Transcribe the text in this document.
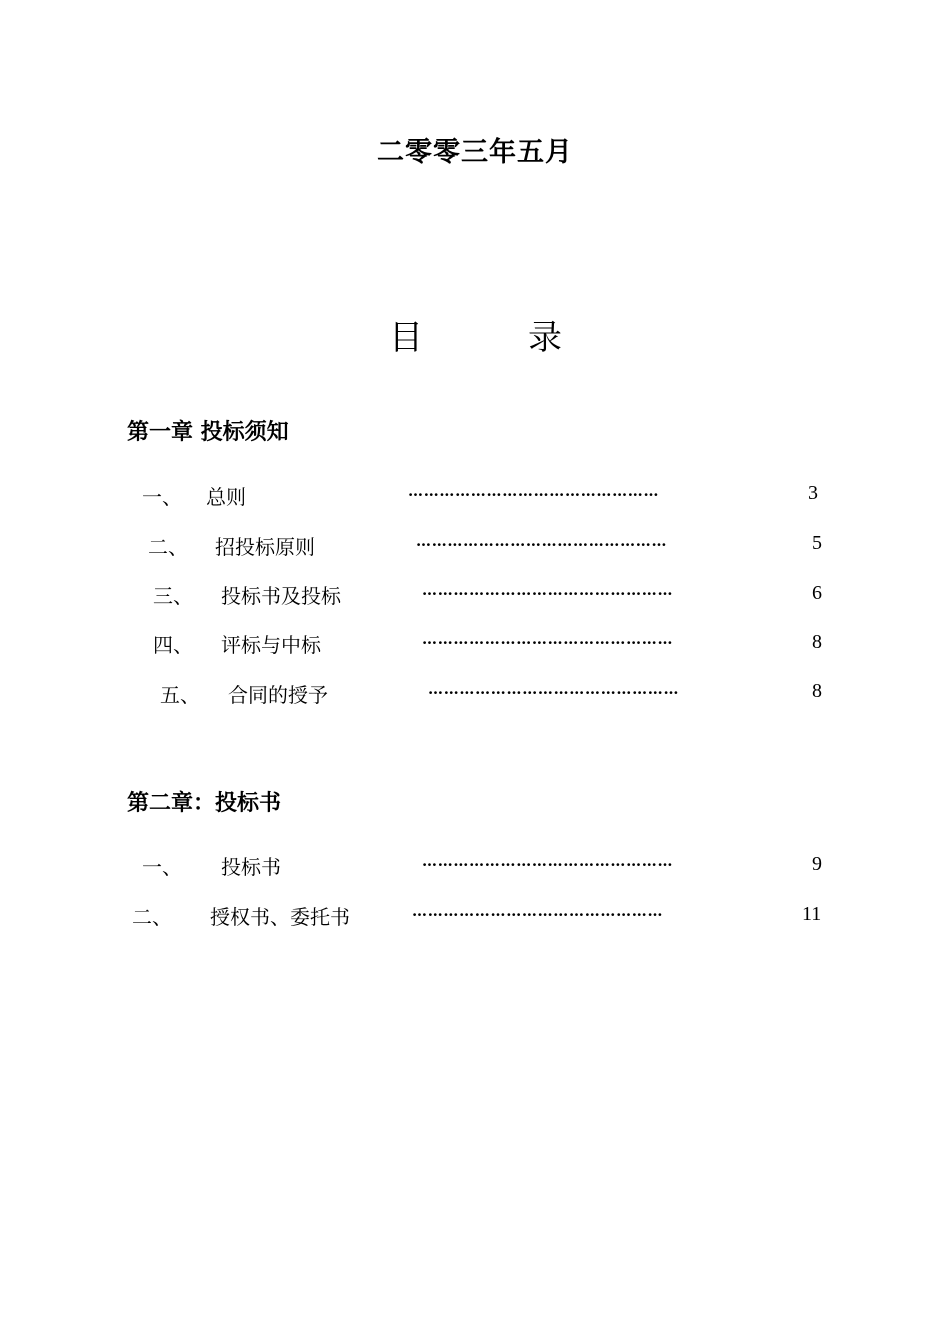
二零零三年五月
目	录
第一章 投标须知
一、 总则	…………………………………………	3
二、 招投标原则	…………………………………………	5
三、 投标书及投标	…………………………………………	6
四、 评标与中标	…………………………………………	8
五、 合同的授予	…………………………………………	8
第二章：投标书
一、 投标书	…………………………………………	9
二、 授权书、委托书	…………………………………………	11
